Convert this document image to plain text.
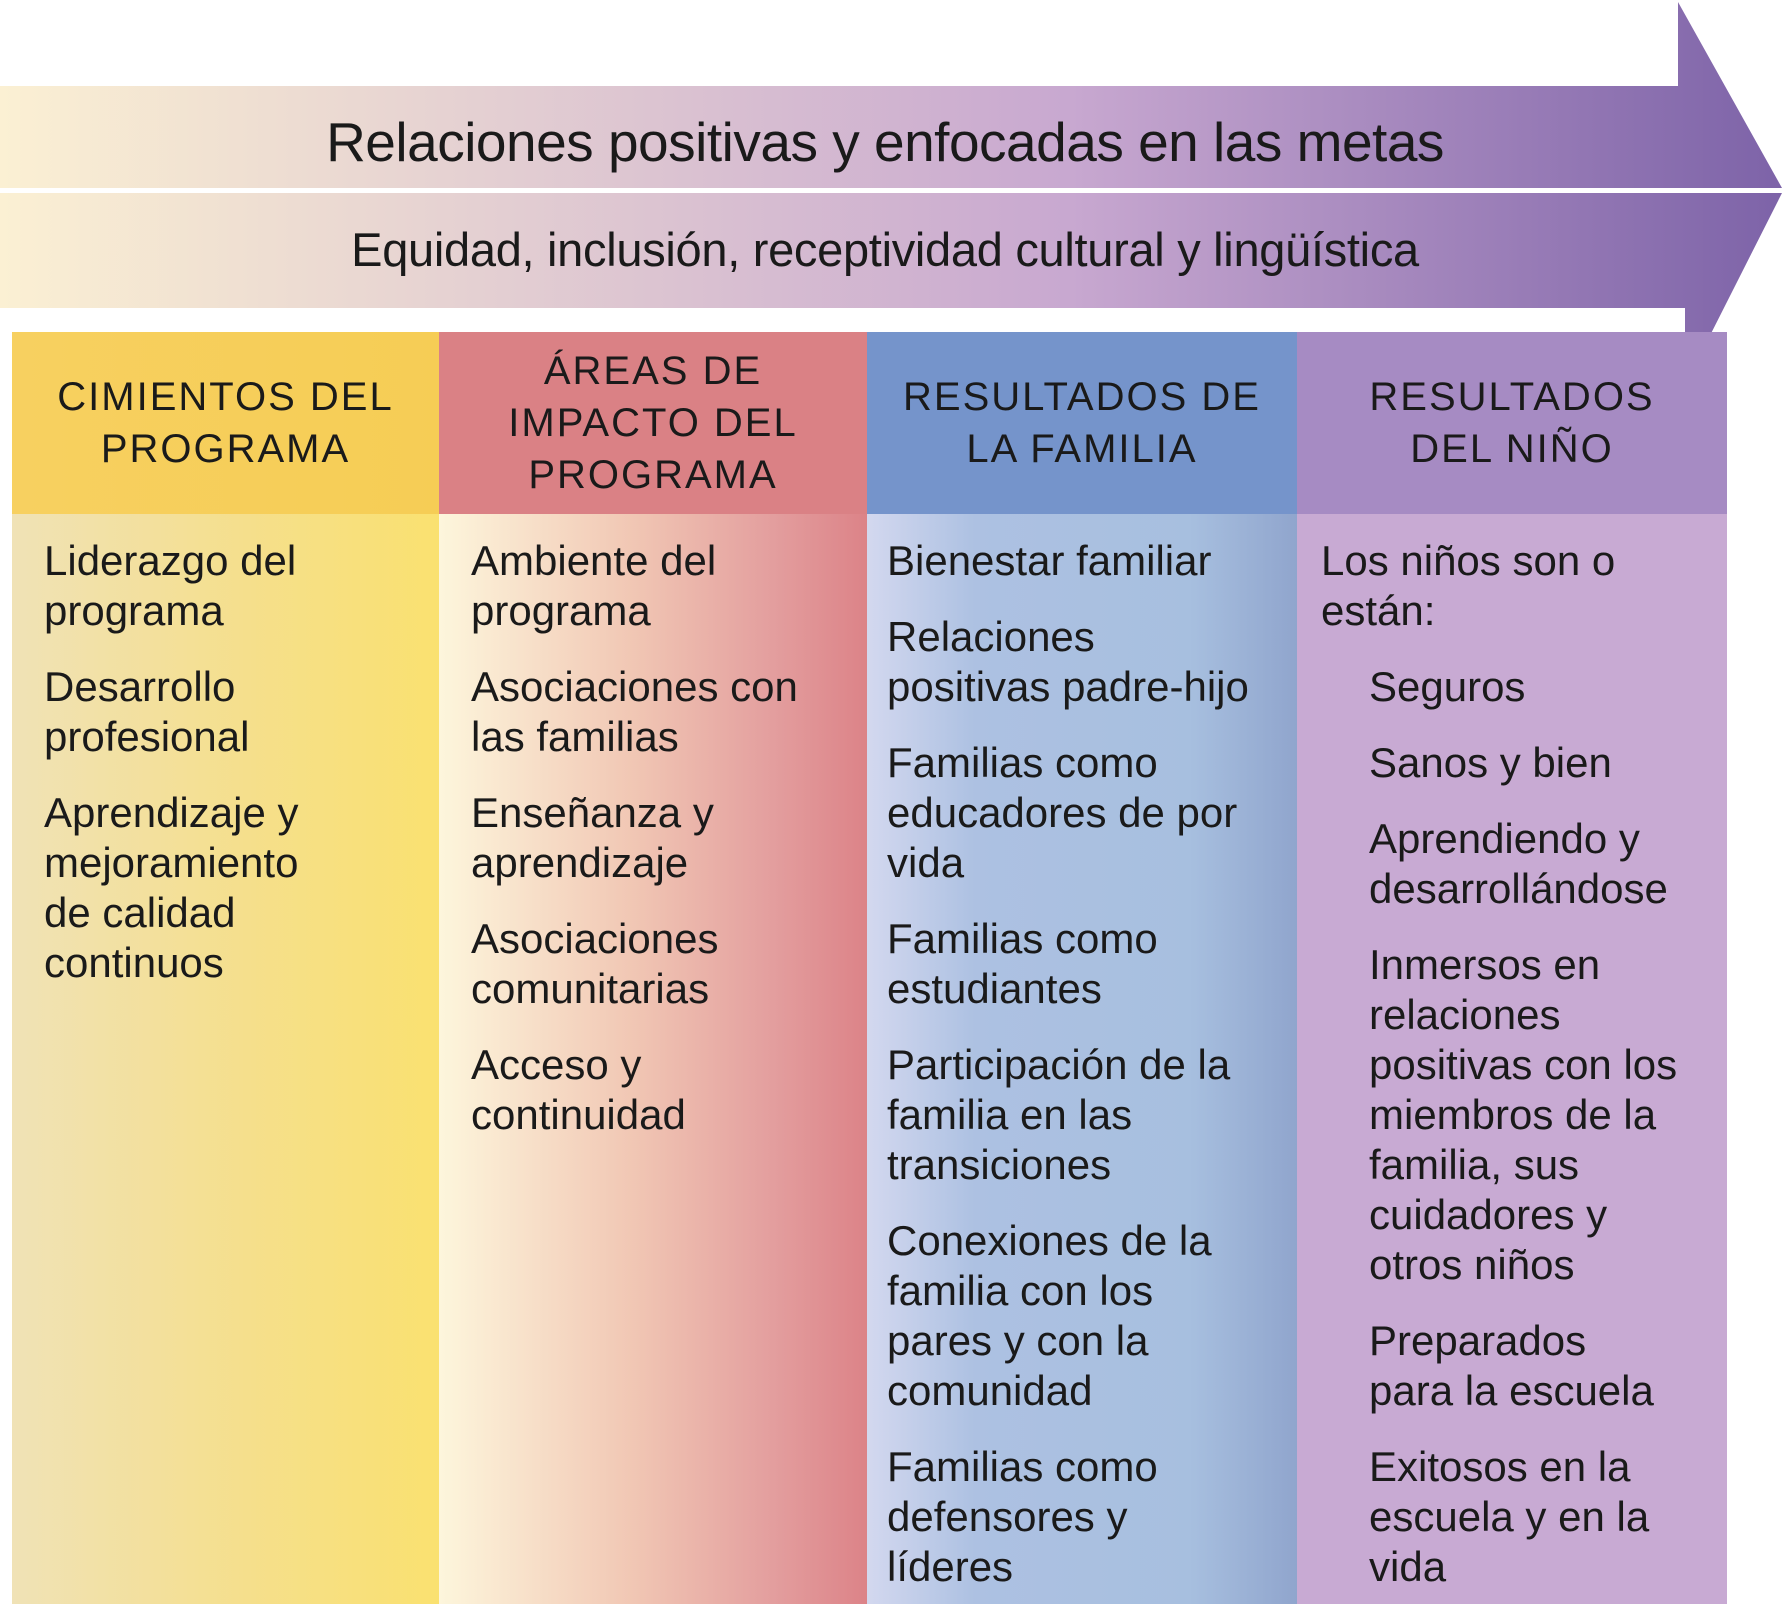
Relaciones positivas y enfocadas en las metas
Equidad, inclusión, receptividad cultural y lingüística
CIMIENTOS DEL
PROGRAMA
Liderazgo del
programa
Desarrollo
profesional
Aprendizaje y
mejoramiento
de calidad
continuos
ÁREAS DE
IMPACTO DEL
PROGRAMA
Ambiente del
programa
Asociaciones con
las familias
Enseñanza y
aprendizaje
Asociaciones
comunitarias
Acceso y
continuidad
RESULTADOS DE
LA FAMILIA
Bienestar familiar
Relaciones
positivas padre-hijo
Familias como
educadores de por
vida
Familias como
estudiantes
Participación de la
familia en las
transiciones
Conexiones de la
familia con los
pares y con la
comunidad
Familias como
defensores y
líderes
RESULTADOS
DEL NIÑO
Los niños son o
están:
Seguros
Sanos y bien
Aprendiendo y
desarrollándose
Inmersos en
relaciones
positivas con los
miembros de la
familia, sus
cuidadores y
otros niños
Preparados
para la escuela
Exitosos en la
escuela y en la
vida
